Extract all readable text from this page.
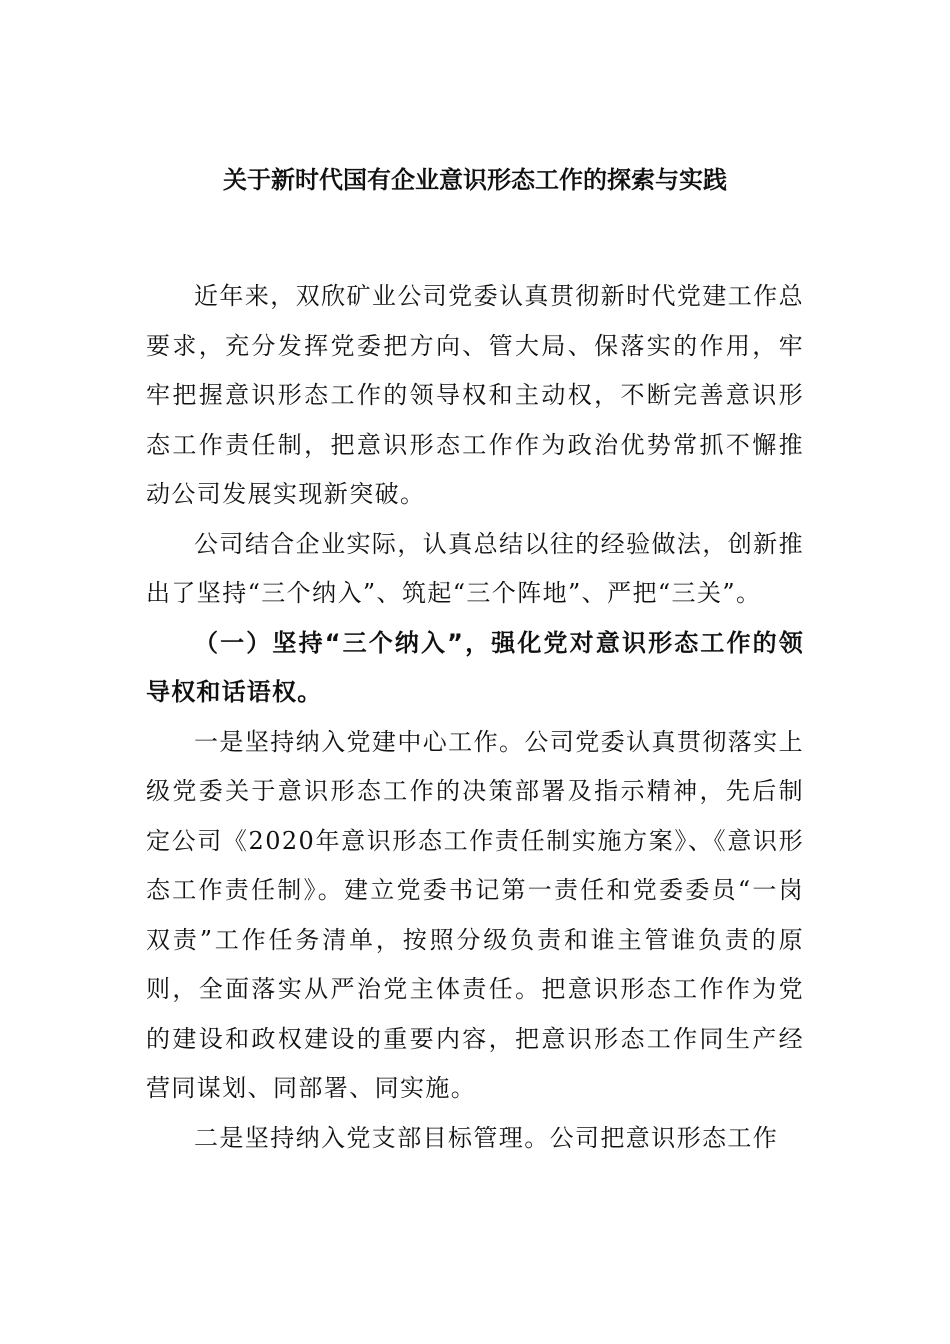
关于新时代国有企业意识形态工作的探索与实践

近年来，双欣矿业公司党委认真贯彻新时代党建工作总要求，充分发挥党委把方向、管大局、保落实的作用，牢牢把握意识形态工作的领导权和主动权，不断完善意识形态工作责任制，把意识形态工作作为政治优势常抓不懈推动公司发展实现新突破。

公司结合企业实际，认真总结以往的经验做法，创新推出了坚持“三个纳入”、筑起“三个阵地”、严把“三关”。

（一）坚持“三个纳入”，强化党对意识形态工作的领导权和话语权。

一是坚持纳入党建中心工作。公司党委认真贯彻落实上级党委关于意识形态工作的决策部署及指示精神，先后制定公司《2020年意识形态工作责任制实施方案》、《意识形态工作责任制》。建立党委书记第一责任和党委委员“一岗双责”工作任务清单，按照分级负责和谁主管谁负责的原则，全面落实从严治党主体责任。把意识形态工作作为党的建设和政权建设的重要内容，把意识形态工作同生产经营同谋划、同部署、同实施。

二是坚持纳入党支部目标管理。公司把意识形态工作
